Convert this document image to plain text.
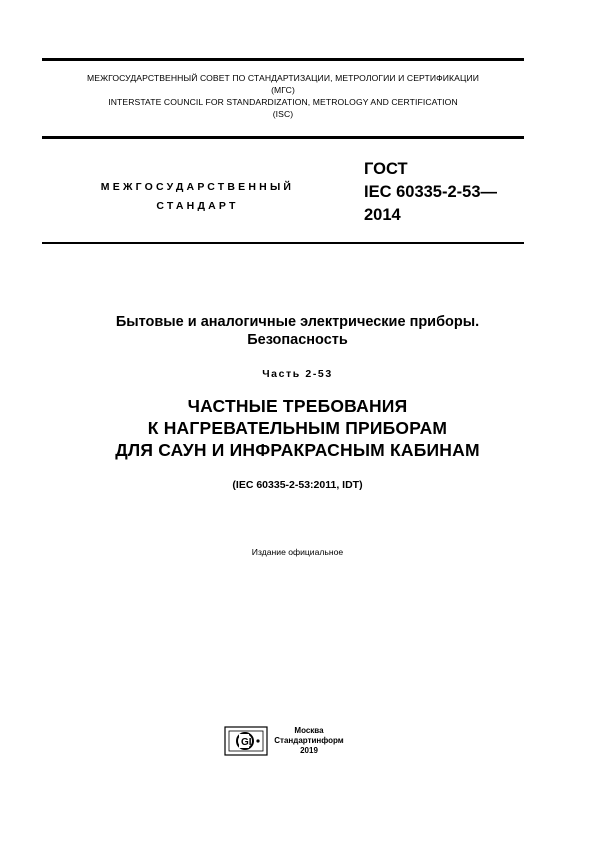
МЕЖГОСУДАРСТВЕННЫЙ СОВЕТ ПО СТАНДАРТИЗАЦИИ, МЕТРОЛОГИИ И СЕРТИФИКАЦИИ
(МГС)
INTERSTATE COUNCIL FOR STANDARDIZATION, METROLOGY AND CERTIFICATION
(ISC)
МЕЖГОСУДАРСТВЕННЫЙ
СТАНДАРТ
ГОСТ
IEC 60335-2-53—
2014
Бытовые и аналогичные электрические приборы.
Безопасность
Часть 2-53
ЧАСТНЫЕ ТРЕБОВАНИЯ
К НАГРЕВАТЕЛЬНЫМ ПРИБОРАМ
ДЛЯ САУН И ИНФРАКРАСНЫМ КАБИНАМ
(IEC 60335-2-53:2011, IDT)
Издание официальное
GI
Москва
Стандартинформ
2019
